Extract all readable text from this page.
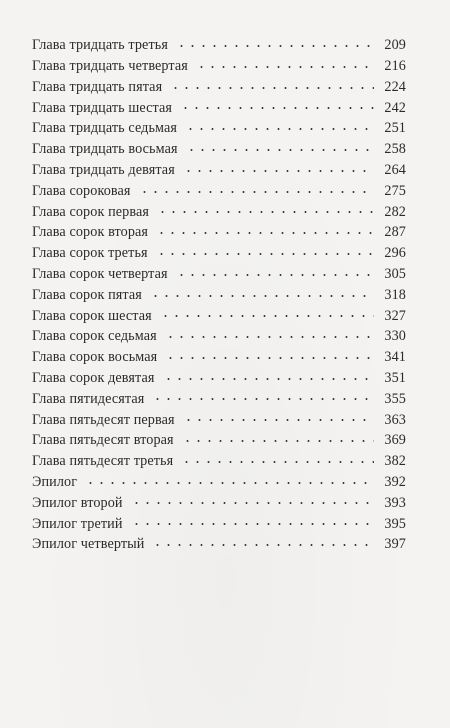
Глава тридцать третья	209
Глава тридцать четвертая	216
Глава тридцать пятая	224
Глава тридцать шестая	242
Глава тридцать седьмая	251
Глава тридцать восьмая	258
Глава тридцать девятая	264
Глава сороковая	275
Глава сорок первая	282
Глава сорок вторая	287
Глава сорок третья	296
Глава сорок четвертая	305
Глава сорок пятая	318
Глава сорок шестая	327
Глава сорок седьмая	330
Глава сорок восьмая	341
Глава сорок девятая	351
Глава пятидесятая	355
Глава пятьдесят первая	363
Глава пятьдесят вторая	369
Глава пятьдесят третья	382
Эпилог	392
Эпилог второй	393
Эпилог третий	395
Эпилог четвертый	397
